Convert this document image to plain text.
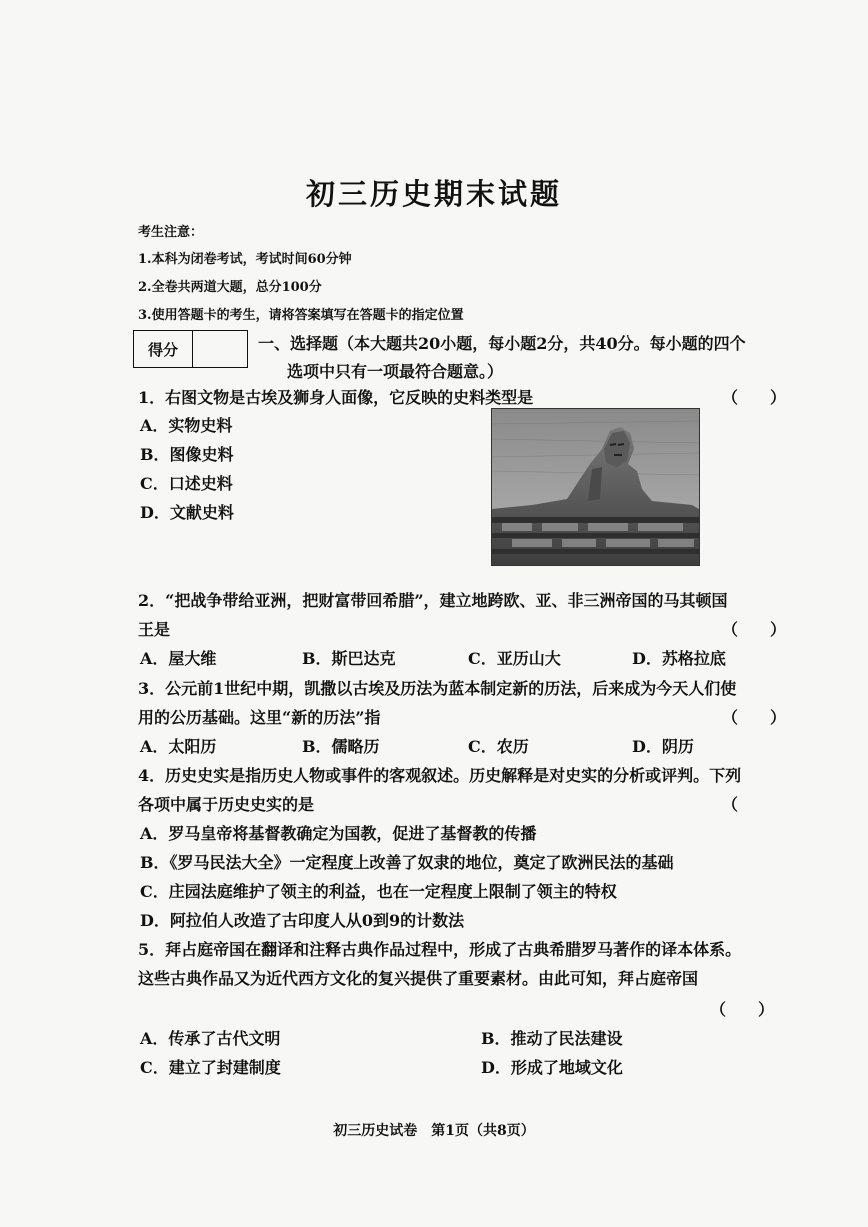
初三历史期末试题
考生注意：
1.本科为闭卷考试，考试时间60分钟
2.全卷共两道大题，总分100分
3.使用答题卡的考生，请将答案填写在答题卡的指定位置
得分	一、选择题（本大题共20小题，每小题2分，共40分。每小题的四个
选项中只有一项最符合题意。）
1．右图文物是古埃及狮身人面像，它反映的史料类型是	（　　）
A．实物史料
B．图像史料
C．口述史料
D．文献史料
2．“把战争带给亚洲，把财富带回希腊”，建立地跨欧、亚、非三洲帝国的马其顿国
王是	（　　）
A．屋大维	B．斯巴达克	C．亚历山大	D．苏格拉底
3．公元前1世纪中期，凯撒以古埃及历法为蓝本制定新的历法，后来成为今天人们使
用的公历基础。这里“新的历法”指	（　　）
A．太阳历	B．儒略历	C．农历	D．阴历
4．历史史实是指历史人物或事件的客观叙述。历史解释是对史实的分析或评判。下列
各项中属于历史史实的是	（
A．罗马皇帝将基督教确定为国教，促进了基督教的传播
B．《罗马民法大全》一定程度上改善了奴隶的地位，奠定了欧洲民法的基础
C．庄园法庭维护了领主的利益，也在一定程度上限制了领主的特权
D．阿拉伯人改造了古印度人从0到9的计数法
5．拜占庭帝国在翻译和注释古典作品过程中，形成了古典希腊罗马著作的译本体系。
这些古典作品又为近代西方文化的复兴提供了重要素材。由此可知，拜占庭帝国
（　　）
A．传承了古代文明	B．推动了民法建设
C．建立了封建制度	D．形成了地域文化
初三历史试卷　第1页（共8页）
